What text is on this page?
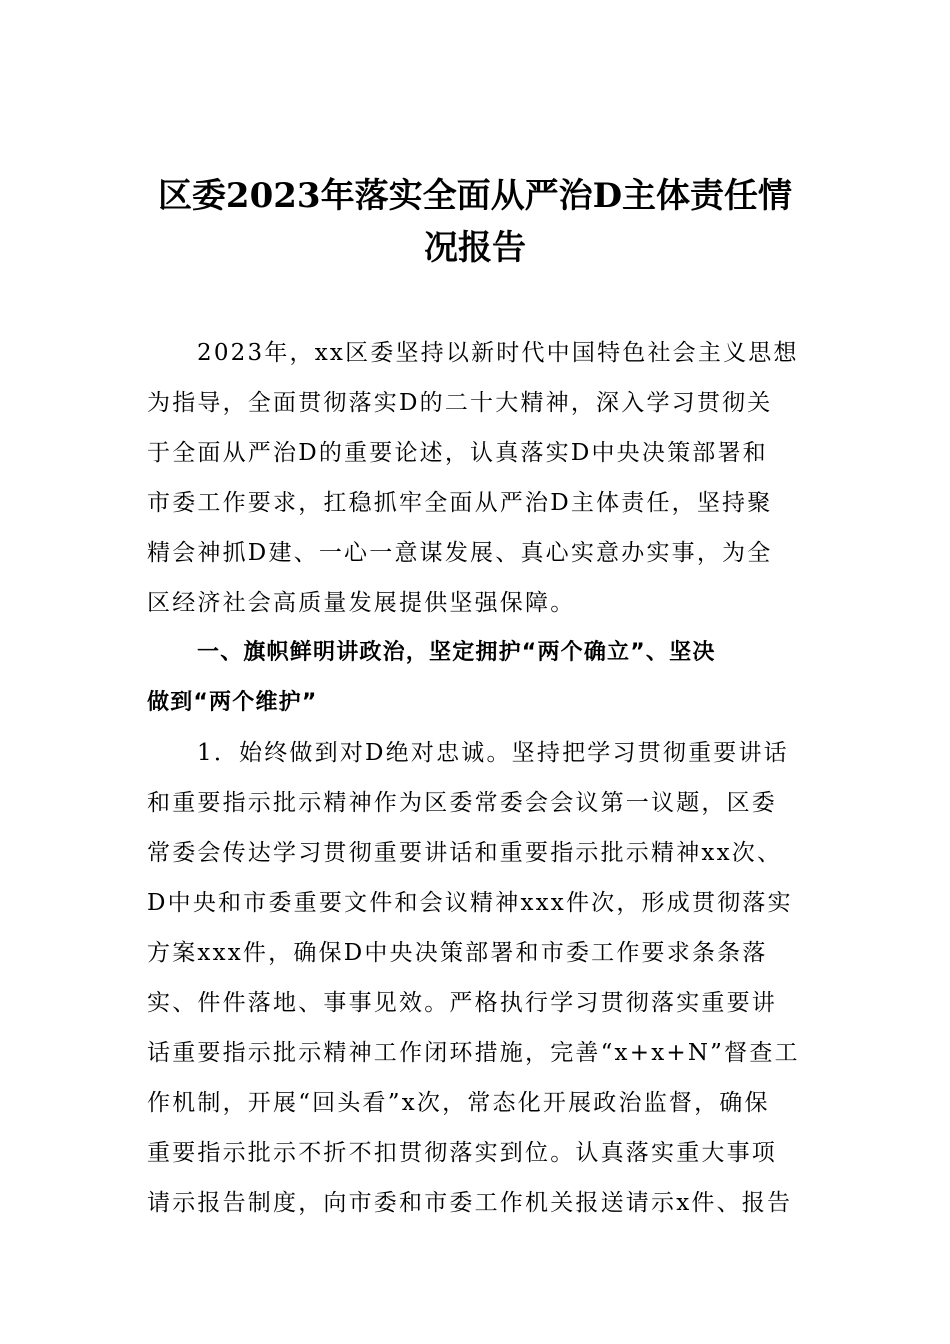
区委2023年落实全面从严治D主体责任情
况报告
2023年，xx区委坚持以新时代中国特色社会主义思想
为指导，全面贯彻落实D的二十大精神，深入学习贯彻关
于全面从严治D的重要论述，认真落实D中央决策部署和
市委工作要求，扛稳抓牢全面从严治D主体责任，坚持聚
精会神抓D建、一心一意谋发展、真心实意办实事，为全
区经济社会高质量发展提供坚强保障。
一、旗帜鲜明讲政治，坚定拥护“两个确立”、坚决
做到“两个维护”
1．始终做到对D绝对忠诚。坚持把学习贯彻重要讲话
和重要指示批示精神作为区委常委会会议第一议题，区委
常委会传达学习贯彻重要讲话和重要指示批示精神xx次、
D中央和市委重要文件和会议精神xxx件次，形成贯彻落实
方案xxx件，确保D中央决策部署和市委工作要求条条落
实、件件落地、事事见效。严格执行学习贯彻落实重要讲
话重要指示批示精神工作闭环措施，完善“x+x+N”督查工
作机制，开展“回头看”x次，常态化开展政治监督，确保
重要指示批示不折不扣贯彻落实到位。认真落实重大事项
请示报告制度，向市委和市委工作机关报送请示x件、报告
